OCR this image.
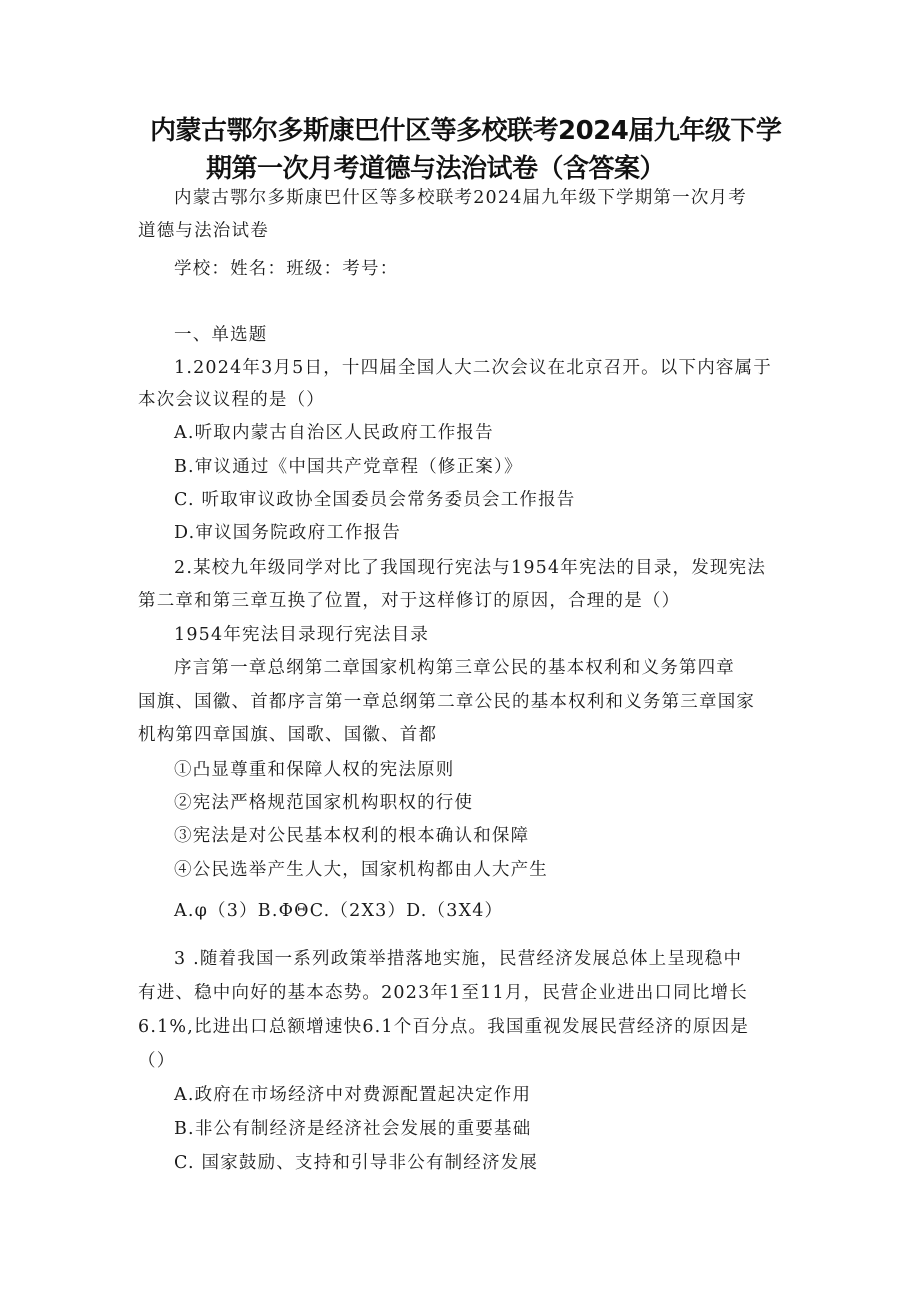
内蒙古鄂尔多斯康巴什区等多校联考2024届九年级下学
期第一次月考道德与法治试卷（含答案）
内蒙古鄂尔多斯康巴什区等多校联考2024届九年级下学期第一次月考
道德与法治试卷
学校：姓名：班级：考号：
一、单选题
1.2024年3月5日，十四届全国人大二次会议在北京召开。以下内容属于
本次会议议程的是（）
A.听取内蒙古自治区人民政府工作报告
B.审议通过《中国共产党章程（修正案）》
C. 听取审议政协全国委员会常务委员会工作报告
D.审议国务院政府工作报告
2.某校九年级同学对比了我国现行宪法与1954年宪法的目录，发现宪法
第二章和第三章互换了位置，对于这样修订的原因，合理的是（）
1954年宪法目录现行宪法目录
序言第一章总纲第二章国家机构第三章公民的基本权利和义务第四章
国旗、国徽、首都序言第一章总纲第二章公民的基本权利和义务第三章国家
机构第四章国旗、国歌、国徽、首都
①凸显尊重和保障人权的宪法原则
②宪法严格规范国家机构职权的行使
③宪法是对公民基本权利的根本确认和保障
④公民选举产生人大，国家机构都由人大产生
A.φ（3）B.ΦΘC.（2X3）D.（3X4）
3 .随着我国一系列政策举措落地实施，民营经济发展总体上呈现稳中
有进、稳中向好的基本态势。2023年1至11月，民营企业进出口同比增长
6.1%,比进出口总额增速快6.1个百分点。我国重视发展民营经济的原因是
（）
A.政府在市场经济中对费源配置起决定作用
B.非公有制经济是经济社会发展的重要基础
C. 国家鼓励、支持和引导非公有制经济发展
